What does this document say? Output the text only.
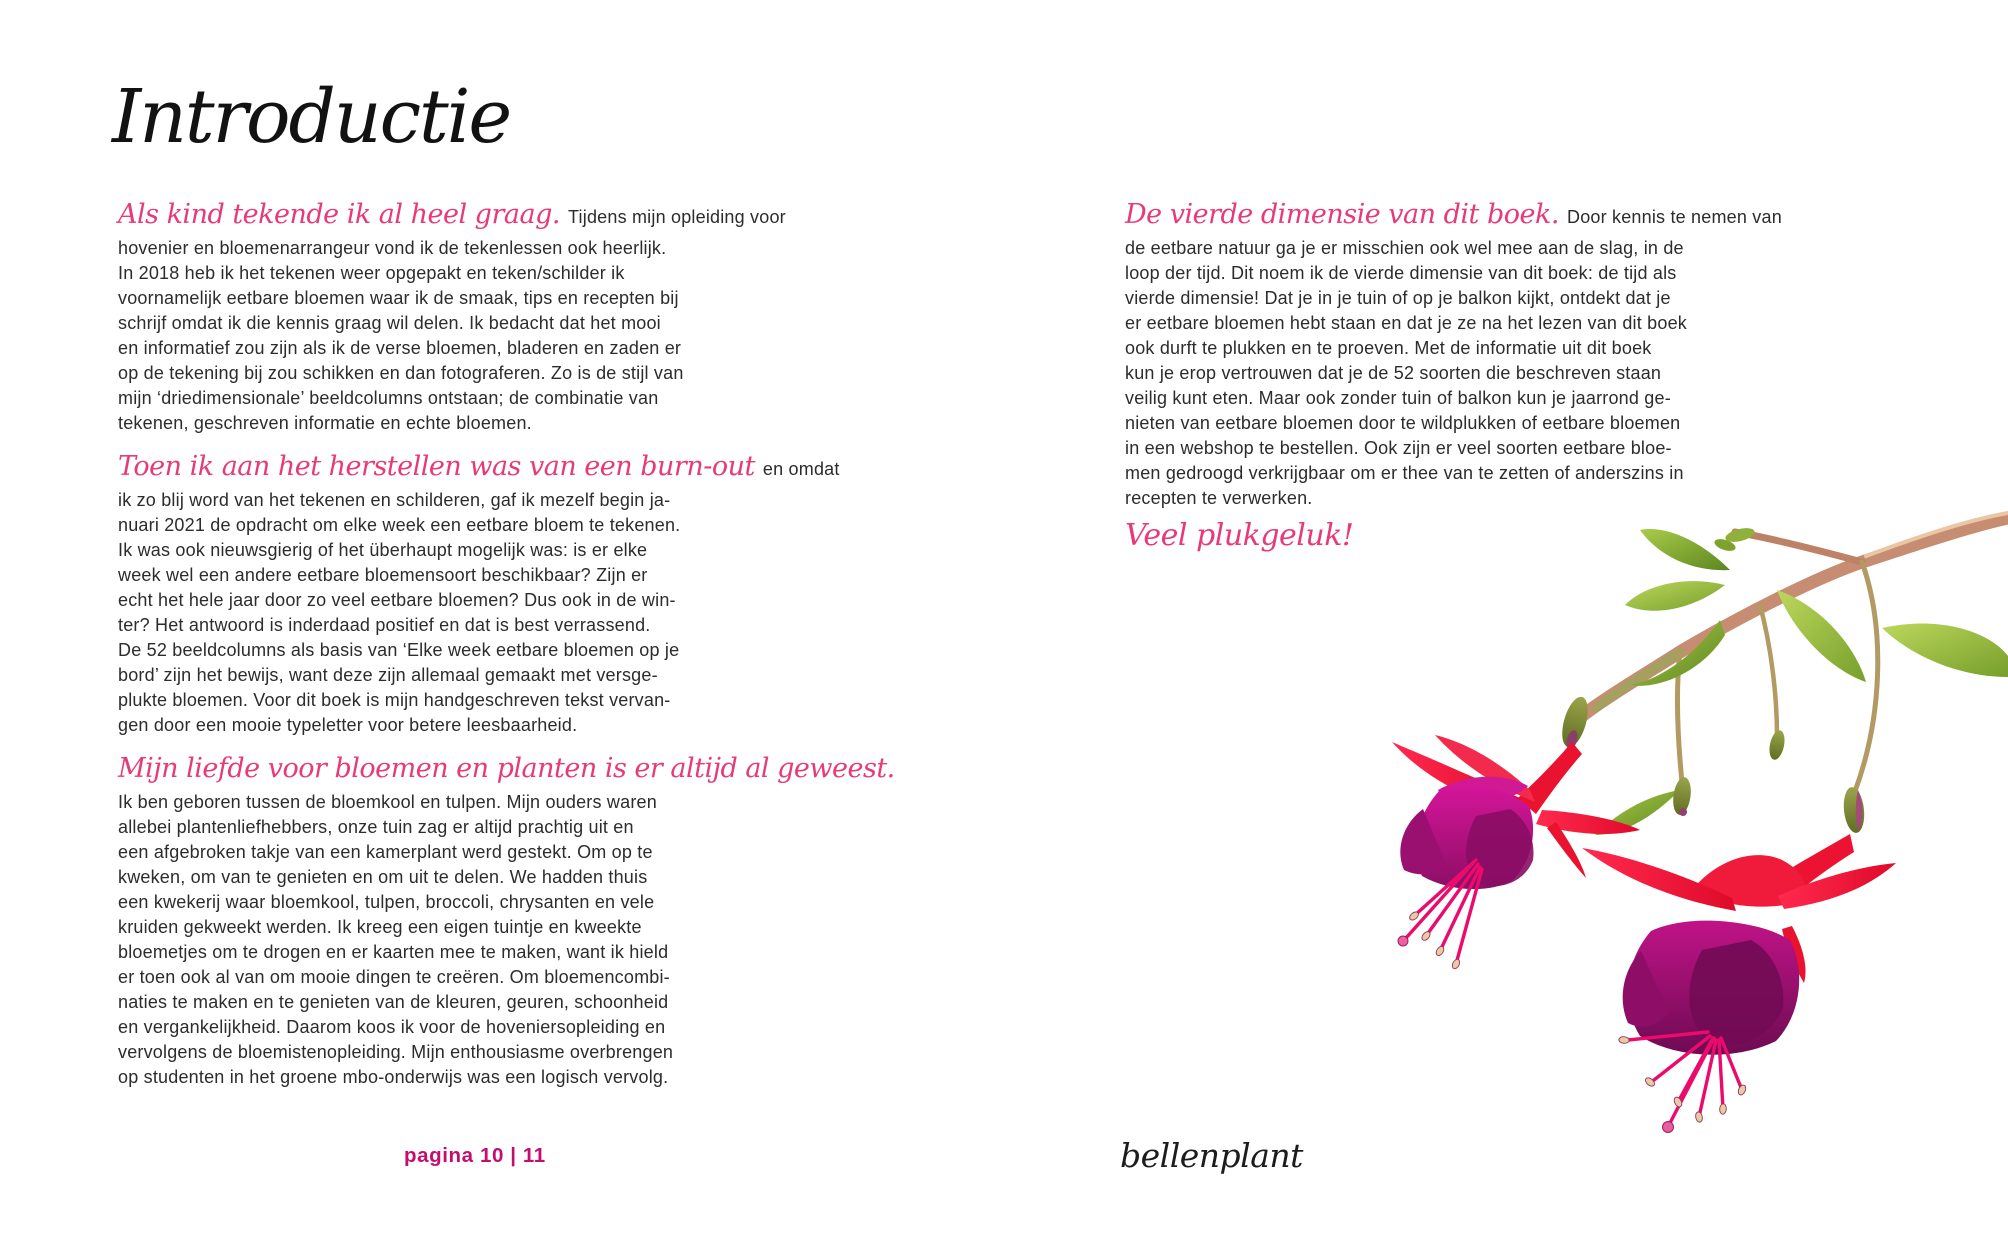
Introductie
Als kind tekende ik al heel graag. Tijdens mijn opleiding voor
hovenier en bloemenarrangeur vond ik de tekenlessen ook heerlijk.
In 2018 heb ik het tekenen weer opgepakt en teken/schilder ik
voornamelijk eetbare bloemen waar ik de smaak, tips en recepten bij
schrijf omdat ik die kennis graag wil delen. Ik bedacht dat het mooi
en informatief zou zijn als ik de verse bloemen, bladeren en zaden er
op de tekening bij zou schikken en dan fotograferen. Zo is de stijl van
mijn ‘driedimensionale’ beeldcolumns ontstaan; de combinatie van
tekenen, geschreven informatie en echte bloemen.
Toen ik aan het herstellen was van een burn-out en omdat
ik zo blij word van het tekenen en schilderen, gaf ik mezelf begin ja-
nuari 2021 de opdracht om elke week een eetbare bloem te tekenen.
Ik was ook nieuwsgierig of het überhaupt mogelijk was: is er elke
week wel een andere eetbare bloemensoort beschikbaar? Zijn er
echt het hele jaar door zo veel eetbare bloemen? Dus ook in de win-
ter? Het antwoord is inderdaad positief en dat is best verrassend.
De 52 beeldcolumns als basis van ‘Elke week eetbare bloemen op je
bord’ zijn het bewijs, want deze zijn allemaal gemaakt met versge-
plukte bloemen. Voor dit boek is mijn handgeschreven tekst vervan-
gen door een mooie typeletter voor betere leesbaarheid.
Mijn liefde voor bloemen en planten is er altijd al geweest.
Ik ben geboren tussen de bloemkool en tulpen. Mijn ouders waren
allebei plantenliefhebbers, onze tuin zag er altijd prachtig uit en
een afgebroken takje van een kamerplant werd gestekt. Om op te
kweken, om van te genieten en om uit te delen. We hadden thuis
een kwekerij waar bloemkool, tulpen, broccoli, chrysanten en vele
kruiden gekweekt werden. Ik kreeg een eigen tuintje en kweekte
bloemetjes om te drogen en er kaarten mee te maken, want ik hield
er toen ook al van om mooie dingen te creëren. Om bloemencombi-
naties te maken en te genieten van de kleuren, geuren, schoonheid
en vergankelijkheid. Daarom koos ik voor de hoveniersopleiding en
vervolgens de bloemistenopleiding. Mijn enthousiasme overbrengen
op studenten in het groene mbo-onderwijs was een logisch vervolg.
pagina 10 | 11
De vierde dimensie van dit boek. Door kennis te nemen van
de eetbare natuur ga je er misschien ook wel mee aan de slag, in de
loop der tijd. Dit noem ik de vierde dimensie van dit boek: de tijd als
vierde dimensie! Dat je in je tuin of op je balkon kijkt, ontdekt dat je
er eetbare bloemen hebt staan en dat je ze na het lezen van dit boek
ook durft te plukken en te proeven. Met de informatie uit dit boek
kun je erop vertrouwen dat je de 52 soorten die beschreven staan
veilig kunt eten. Maar ook zonder tuin of balkon kun je jaarrond ge-
nieten van eetbare bloemen door te wildplukken of eetbare bloemen
in een webshop te bestellen. Ook zijn er veel soorten eetbare bloe-
men gedroogd verkrijgbaar om er thee van te zetten of anderszins in
recepten te verwerken.
Veel plukgeluk!
bellenplant
